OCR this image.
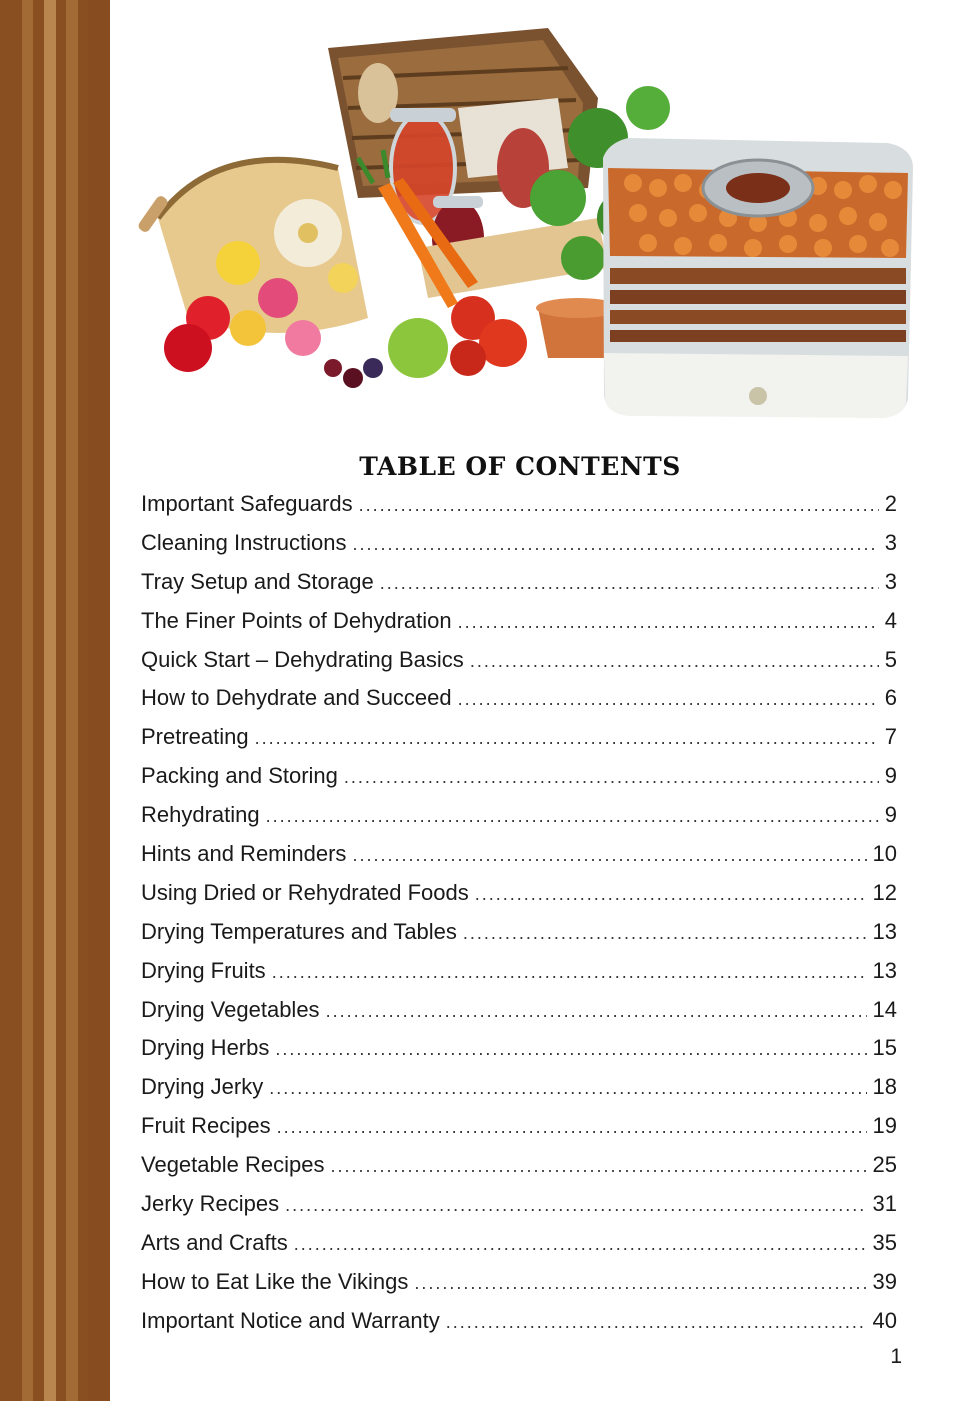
TABLE OF CONTENTS
Important Safeguards .....	2
Cleaning Instructions .....	3
Tray Setup and Storage .....	3
The Finer Points of Dehydration .....	4
Quick Start – Dehydrating Basics .....	5
How to Dehydrate and Succeed .....	6
Pretreating .....	7
Packing and Storing .....	9
Rehydrating .....	9
Hints and Reminders .....	10
Using Dried or Rehydrated Foods .....	12
Drying Temperatures and Tables .....	13
Drying Fruits .....	13
Drying Vegetables .....	14
Drying Herbs .....	15
Drying Jerky .....	18
Fruit Recipes .....	19
Vegetable Recipes .....	25
Jerky Recipes .....	31
Arts and Crafts .....	35
How to Eat Like the Vikings .....	39
Important Notice and Warranty .....	40
1
